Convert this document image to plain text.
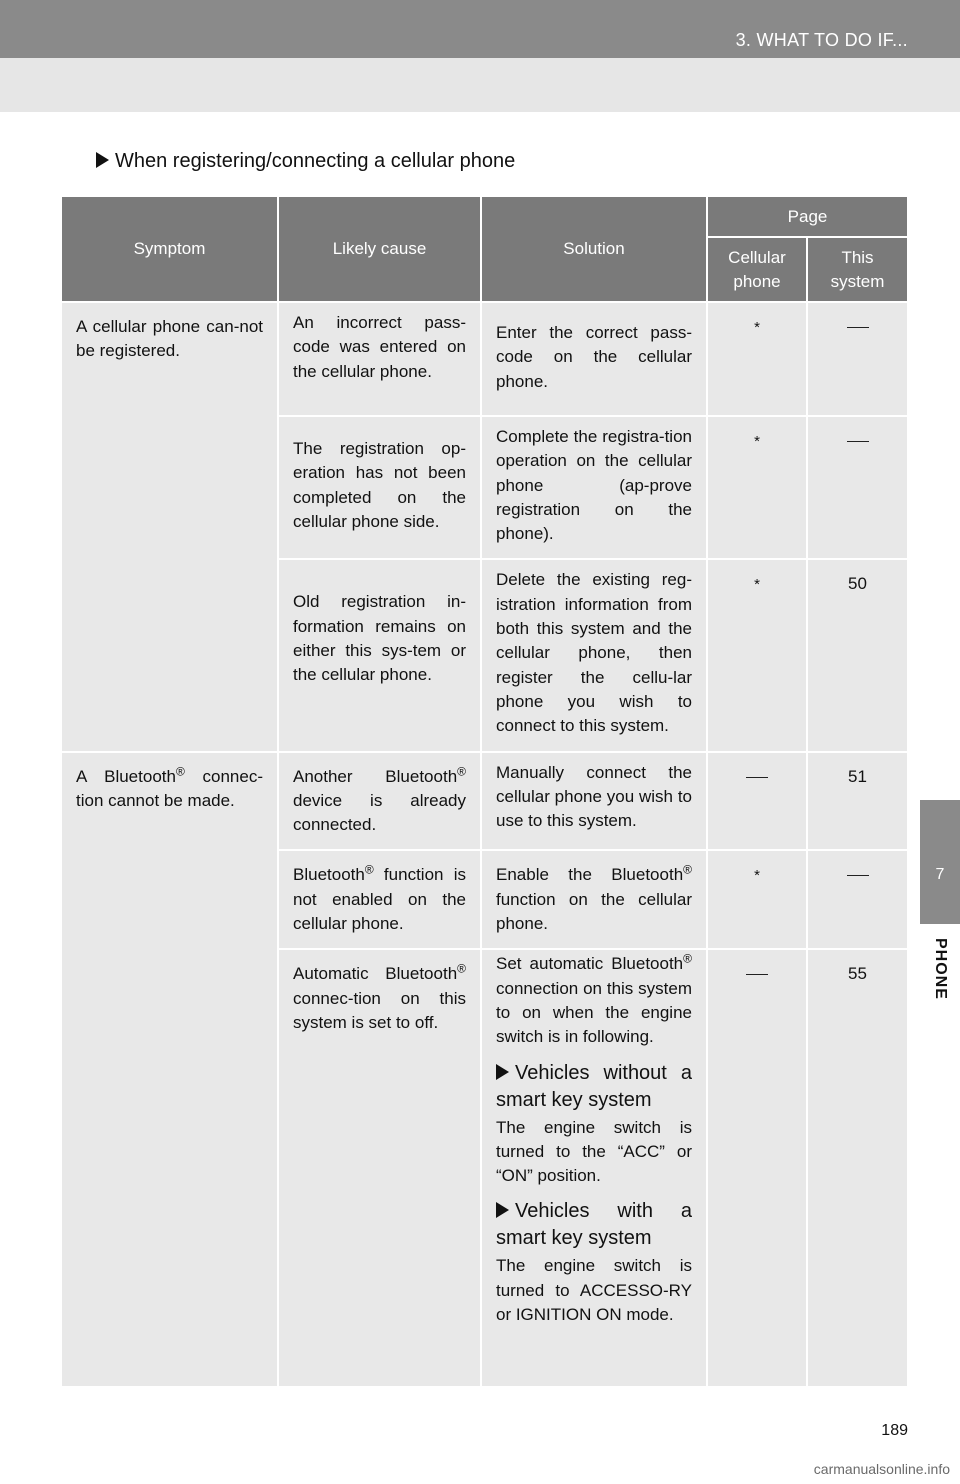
3. WHAT TO DO IF...
7
PHONE
When registering/connecting a cellular phone
Symptom	Likely cause	Solution	Page	
			Cellular phone	This system
A cellular phone can-not be registered.	An incorrect pass-code was entered on the cellular phone.	Enter the correct pass-code on the cellular phone.	*	
	The registration op-eration has not been completed on the cellular phone side.	Complete the registra-tion operation on the cellular phone (ap-prove registration on the phone).	*	
	Old registration in-formation remains on either this sys-tem or the cellular phone.	Delete the existing reg-istration information from both this system and the cellular phone, then register the cellu-lar phone you wish to connect to this system.	*	50
A Bluetooth® connec-tion cannot be made.	Another Bluetooth® device is already connected.	Manually connect the cellular phone you wish to use to this system.		51
	Bluetooth® function is not enabled on the cellular phone.	Enable the Bluetooth® function on the cellular phone.	*	
	Automatic Bluetooth® connec-tion on this system is set to off.	Set automatic Bluetooth® connection on this system to on when the engine switch is in following.
Vehicles without a smart key system
The engine switch is turned to the “ACC” or “ON” position.
Vehicles with a smart key system
The engine switch is turned to ACCESSO-RY or IGNITION ON mode.		55
189
carmanualsonline.info
